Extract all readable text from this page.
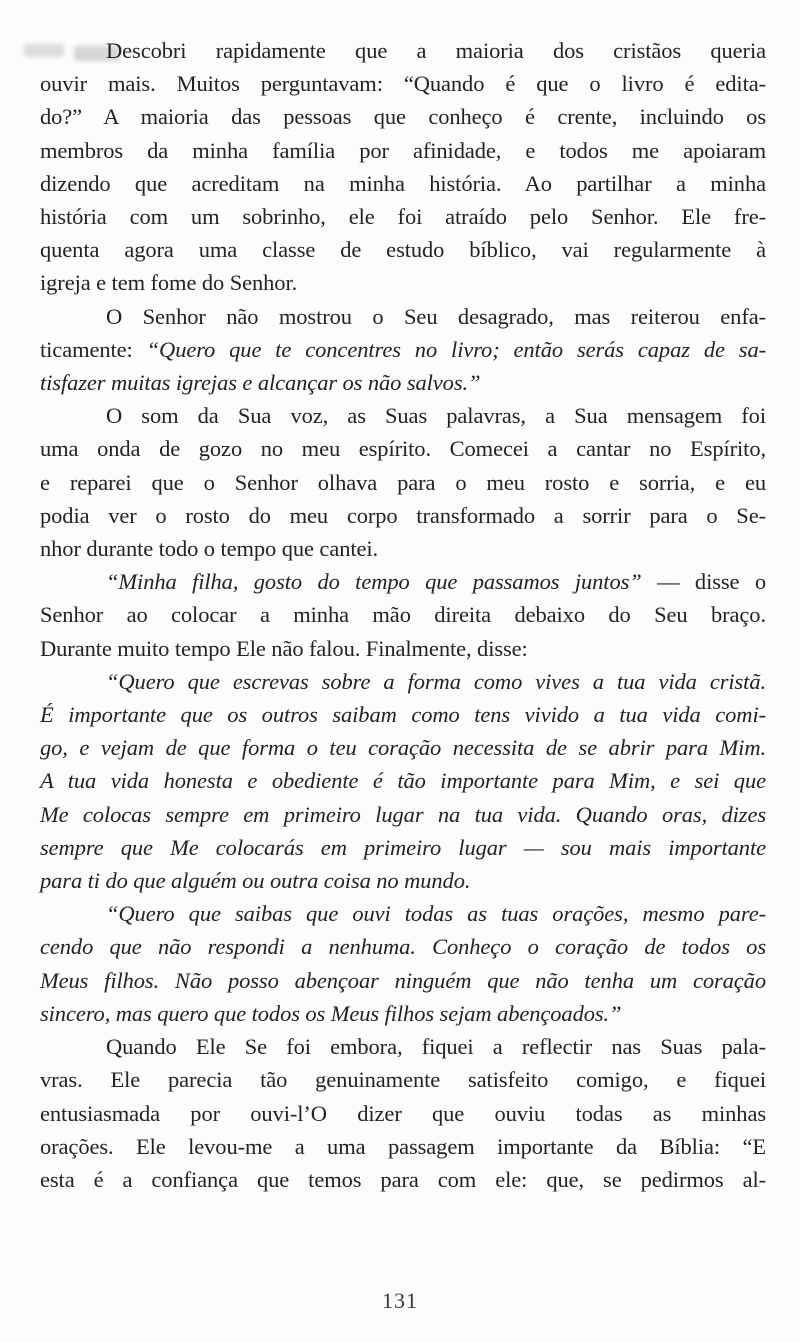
Descobri rapidamente que a maioria dos cristãos queria
ouvir mais. Muitos perguntavam: “Quando é que o livro é edita-
do?” A maioria das pessoas que conheço é crente, incluindo os
membros da minha família por afinidade, e todos me apoiaram
dizendo que acreditam na minha história. Ao partilhar a minha
história com um sobrinho, ele foi atraído pelo Senhor. Ele fre-
quenta agora uma classe de estudo bíblico, vai regularmente à
igreja e tem fome do Senhor.
O Senhor não mostrou o Seu desagrado, mas reiterou enfa-
ticamente: “Quero que te concentres no livro; então serás capaz de sa-
tisfazer muitas igrejas e alcançar os não salvos.”
O som da Sua voz, as Suas palavras, a Sua mensagem foi
uma onda de gozo no meu espírito. Comecei a cantar no Espírito,
e reparei que o Senhor olhava para o meu rosto e sorria, e eu
podia ver o rosto do meu corpo transformado a sorrir para o Se-
nhor durante todo o tempo que cantei.
“Minha filha, gosto do tempo que passamos juntos” — disse o
Senhor ao colocar a minha mão direita debaixo do Seu braço.
Durante muito tempo Ele não falou. Finalmente, disse:
“Quero que escrevas sobre a forma como vives a tua vida cristã.
É importante que os outros saibam como tens vivido a tua vida comi-
go, e vejam de que forma o teu coração necessita de se abrir para Mim.
A tua vida honesta e obediente é tão importante para Mim, e sei que
Me colocas sempre em primeiro lugar na tua vida. Quando oras, dizes
sempre que Me colocarás em primeiro lugar — sou mais importante
para ti do que alguém ou outra coisa no mundo.
“Quero que saibas que ouvi todas as tuas orações, mesmo pare-
cendo que não respondi a nenhuma. Conheço o coração de todos os
Meus filhos. Não posso abençoar ninguém que não tenha um coração
sincero, mas quero que todos os Meus filhos sejam abençoados.”
Quando Ele Se foi embora, fiquei a reflectir nas Suas pala-
vras. Ele parecia tão genuinamente satisfeito comigo, e fiquei
entusiasmada por ouvi-l’O dizer que ouviu todas as minhas
orações. Ele levou-me a uma passagem importante da Bíblia: “E
esta é a confiança que temos para com ele: que, se pedirmos al-
131
